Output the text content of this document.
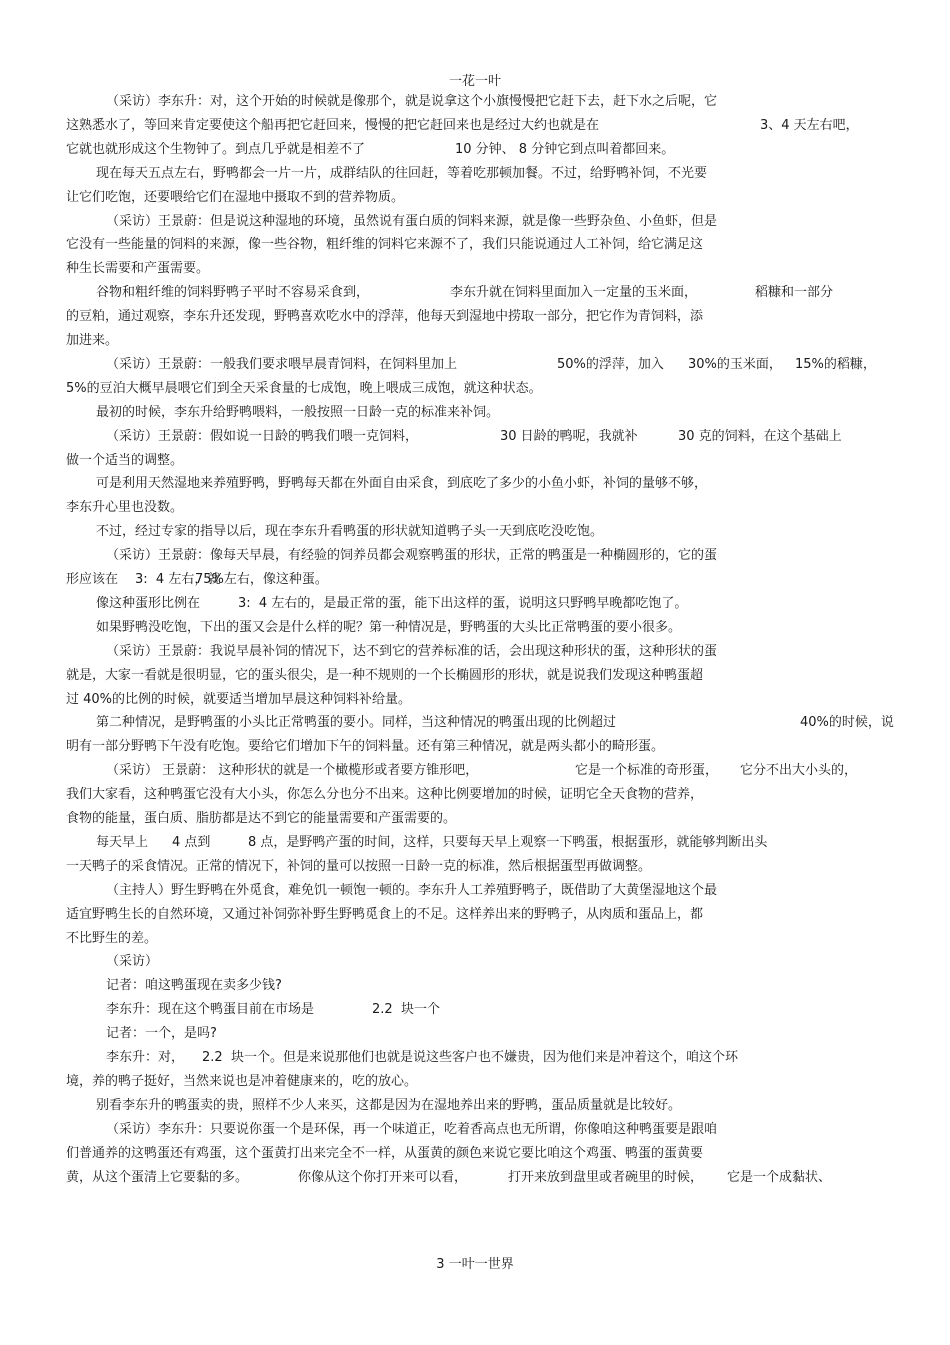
一花一叶
（采访）李东升：对，这个开始的时候就是像那个，就是说拿这个小旗慢慢把它赶下去，赶下水之后呢，它
这熟悉水了，等回来肯定要使这个船再把它赶回来，慢慢的把它赶回来也是经过大约也就是在	3、4 天左右吧，
它就也就形成这个生物钟了。到点几乎就是相差不了	10 分钟、 8 分钟它到点叫着都回来。
现在每天五点左右，野鸭都会一片一片，成群结队的往回赶，等着吃那顿加餐。不过，给野鸭补饲，不光要
让它们吃饱，还要喂给它们在湿地中摄取不到的营养物质。
（采访）王景蔚：但是说这种湿地的环境，虽然说有蛋白质的饲料来源，就是像一些野杂鱼、小鱼虾，但是
它没有一些能量的饲料的来源，像一些谷物，粗纤维的饲料它来源不了，我们只能说通过人工补饲，给它满足这
种生长需要和产蛋需要。
谷物和粗纤维的饲料野鸭子平时不容易采食到，	李东升就在饲料里面加入一定量的玉米面，	稻糠和一部分
的豆粕，通过观察，李东升还发现，野鸭喜欢吃水中的浮萍，他每天到湿地中捞取一部分，把它作为青饲料，添
加进来。
（采访）王景蔚：一般我们要求喂早晨青饲料，在饲料里加上	50%的浮萍，加入 30%的玉米面， 15%的稻糠，
5%的豆泊大概早晨喂它们到全天采食量的七成饱，晚上喂成三成饱，就这种状态。
最初的时候，李东升给野鸭喂料，一般按照一日龄一克的标准来补饲。
（采访）王景蔚：假如说一日龄的鸭我们喂一克饲料，	30 日龄的鸭呢，我就补	30 克的饲料，在这个基础上
做一个适当的调整。
可是利用天然湿地来养殖野鸭，野鸭每天都在外面自由采食，到底吃了多少的小鱼小虾，补饲的量够不够，
李东升心里也没数。
不过，经过专家的指导以后，现在李东升看鸭蛋的形状就知道鸭子头一天到底吃没吃饱。
（采访）王景蔚：像每天早晨，有经验的饲养员都会观察鸭蛋的形状，正常的鸭蛋是一种椭圆形的，它的蛋
形应该在 3:  4 左右，就
75%左右，像这种蛋。
像这种蛋形比例在	3:  4 左右的，是最正常的蛋，能下出这样的蛋，说明这只野鸭早晚都吃饱了。
如果野鸭没吃饱，下出的蛋又会是什么样的呢？第一种情况是，野鸭蛋的大头比正常鸭蛋的要小很多。
（采访）王景蔚：我说早晨补饲的情况下，达不到它的营养标准的话，会出现这种形状的蛋，这种形状的蛋
就是，大家一看就是很明显，它的蛋头很尖，是一种不规则的一个长椭圆形的形状，就是说我们发现这种鸭蛋超
过 40%的比例的时候，就要适当增加早晨这种饲料补给量。
第二种情况，是野鸭蛋的小头比正常鸭蛋的要小。同样，当这种情况的鸭蛋出现的比例超过	40%的时候，说
明有一部分野鸭下午没有吃饱。要给它们增加下午的饲料量。还有第三种情况，就是两头都小的畸形蛋。
（采访） 王景蔚： 这种形状的就是一个橄榄形或者要方锥形吧，	它是一个标准的奇形蛋， 它分不出大小头的，
我们大家看，这种鸭蛋它没有大小头，你怎么分也分不出来。这种比例要增加的时候，证明它全天食物的营养，
食物的能量，蛋白质、脂肪都是达不到它的能量需要和产蛋需要的。
每天早上 4 点到	8 点，是野鸭产蛋的时间，这样，只要每天早上观察一下鸭蛋，根据蛋形，就能够判断出头
一天鸭子的采食情况。正常的情况下，补饲的量可以按照一日龄一克的标准，然后根据蛋型再做调整。
（主持人）野生野鸭在外觅食，难免饥一顿饱一顿的。李东升人工养殖野鸭子，既借助了大黄堡湿地这个最
适宜野鸭生长的自然环境，又通过补饲弥补野生野鸭觅食上的不足。这样养出来的野鸭子，从肉质和蛋品上，都
不比野生的差。
（采访）
记者：咱这鸭蛋现在卖多少钱?
李东升：现在这个鸭蛋目前在市场是	2.2  块一个
记者：一个，是吗?
李东升：对， 2.2  块一个。但是来说那他们也就是说这些客户也不嫌贵，因为他们来是冲着这个，咱这个环
境，养的鸭子挺好，当然来说也是冲着健康来的，吃的放心。
别看李东升的鸭蛋卖的贵，照样不少人来买，这都是因为在湿地养出来的野鸭，蛋品质量就是比较好。
（采访）李东升：只要说你蛋一个是环保，再一个味道正，吃着香高点也无所谓，你像咱这种鸭蛋要是跟咱
们普通养的这鸭蛋还有鸡蛋，这个蛋黄打出来完全不一样，从蛋黄的颜色来说它要比咱这个鸡蛋、鸭蛋的蛋黄要
黄，从这个蛋清上它要黏的多。	你像从这个你打开来可以看，	打开来放到盘里或者碗里的时候， 它是一个成黏状、
3 一叶一世界
